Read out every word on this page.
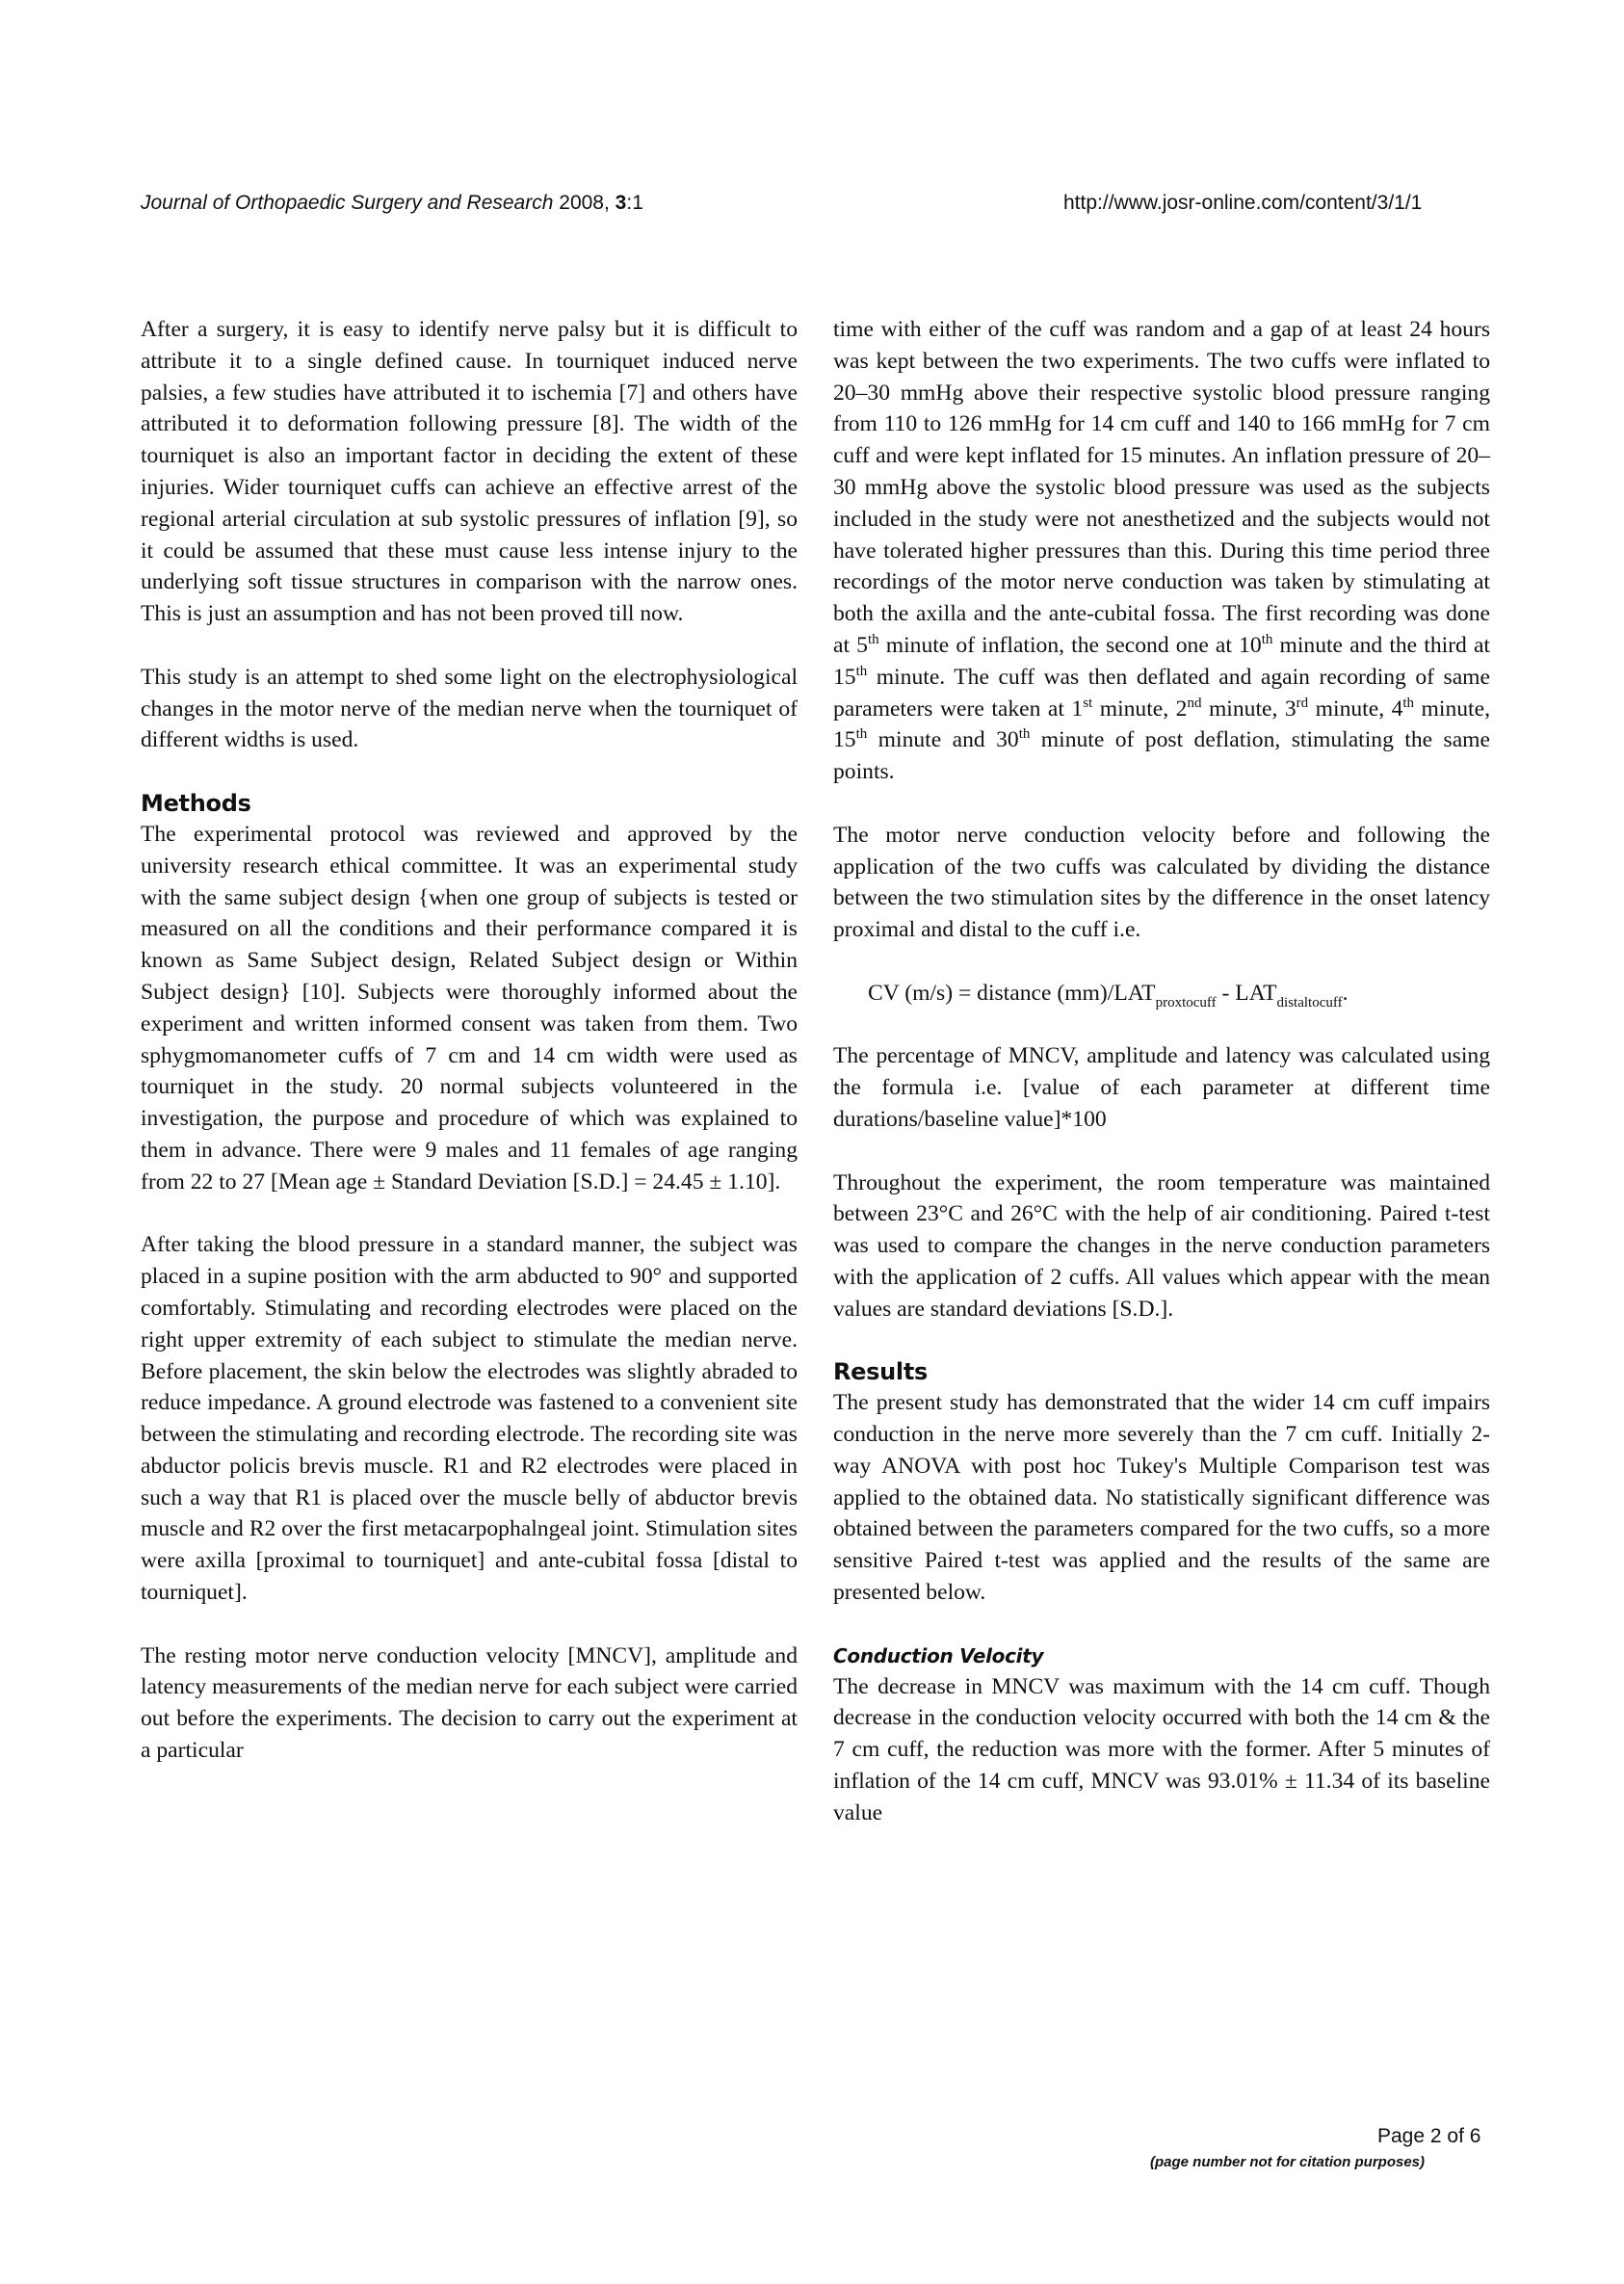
Journal of Orthopaedic Surgery and Research 2008, 3:1	http://www.josr-online.com/content/3/1/1

After a surgery, it is easy to identify nerve palsy but it is difficult to attribute it to a single defined cause. In tourniquet induced nerve palsies, a few studies have attributed it to ischemia [7] and others have attributed it to deformation following pressure [8]. The width of the tourniquet is also an important factor in deciding the extent of these injuries. Wider tourniquet cuffs can achieve an effective arrest of the regional arterial circulation at sub systolic pressures of inflation [9], so it could be assumed that these must cause less intense injury to the underlying soft tissue structures in comparison with the narrow ones. This is just an assumption and has not been proved till now.

This study is an attempt to shed some light on the electrophysiological changes in the motor nerve of the median nerve when the tourniquet of different widths is used.

Methods

The experimental protocol was reviewed and approved by the university research ethical committee. It was an experimental study with the same subject design {when one group of subjects is tested or measured on all the conditions and their performance compared it is known as Same Subject design, Related Subject design or Within Subject design} [10]. Subjects were thoroughly informed about the experiment and written informed consent was taken from them. Two sphygmomanometer cuffs of 7 cm and 14 cm width were used as tourniquet in the study. 20 normal subjects volunteered in the investigation, the purpose and procedure of which was explained to them in advance. There were 9 males and 11 females of age ranging from 22 to 27 [Mean age ± Standard Deviation [S.D.] = 24.45 ± 1.10].

After taking the blood pressure in a standard manner, the subject was placed in a supine position with the arm abducted to 90° and supported comfortably. Stimulating and recording electrodes were placed on the right upper extremity of each subject to stimulate the median nerve. Before placement, the skin below the electrodes was slightly abraded to reduce impedance. A ground electrode was fastened to a convenient site between the stimulating and recording electrode. The recording site was abductor policis brevis muscle. R1 and R2 electrodes were placed in such a way that R1 is placed over the muscle belly of abductor brevis muscle and R2 over the first metacarpophalngeal joint. Stimulation sites were axilla [proximal to tourniquet] and ante-cubital fossa [distal to tourniquet].

The resting motor nerve conduction velocity [MNCV], amplitude and latency measurements of the median nerve for each subject were carried out before the experiments. The decision to carry out the experiment at a particular

time with either of the cuff was random and a gap of at least 24 hours was kept between the two experiments. The two cuffs were inflated to 20–30 mmHg above their respective systolic blood pressure ranging from 110 to 126 mmHg for 14 cm cuff and 140 to 166 mmHg for 7 cm cuff and were kept inflated for 15 minutes. An inflation pressure of 20–30 mmHg above the systolic blood pressure was used as the subjects included in the study were not anesthetized and the subjects would not have tolerated higher pressures than this. During this time period three recordings of the motor nerve conduction was taken by stimulating at both the axilla and the ante-cubital fossa. The first recording was done at 5th minute of inflation, the second one at 10th minute and the third at 15th minute. The cuff was then deflated and again recording of same parameters were taken at 1st minute, 2nd minute, 3rd minute, 4th minute, 15th minute and 30th minute of post deflation, stimulating the same points.

The motor nerve conduction velocity before and following the application of the two cuffs was calculated by dividing the distance between the two stimulation sites by the difference in the onset latency proximal and distal to the cuff i.e.

CV (m/s) = distance $(mm)/LAT_{proxtocuff} - LAT_{distaltocuff}$.

The percentage of MNCV, amplitude and latency was calculated using the formula i.e. [value of each parameter at different time durations/baseline value]*100

Throughout the experiment, the room temperature was maintained between 23°C and 26°C with the help of air conditioning. Paired t-test was used to compare the changes in the nerve conduction parameters with the application of 2 cuffs. All values which appear with the mean values are standard deviations [S.D.].

Results

The present study has demonstrated that the wider 14 cm cuff impairs conduction in the nerve more severely than the 7 cm cuff. Initially 2-way ANOVA with post hoc Tukey's Multiple Comparison test was applied to the obtained data. No statistically significant difference was obtained between the parameters compared for the two cuffs, so a more sensitive Paired t-test was applied and the results of the same are presented below.

Conduction Velocity

The decrease in MNCV was maximum with the 14 cm cuff. Though decrease in the conduction velocity occurred with both the 14 cm & the 7 cm cuff, the reduction was more with the former. After 5 minutes of inflation of the 14 cm cuff, MNCV was 93.01% ± 11.34 of its baseline value

Page 2 of 6
(page number not for citation purposes)
